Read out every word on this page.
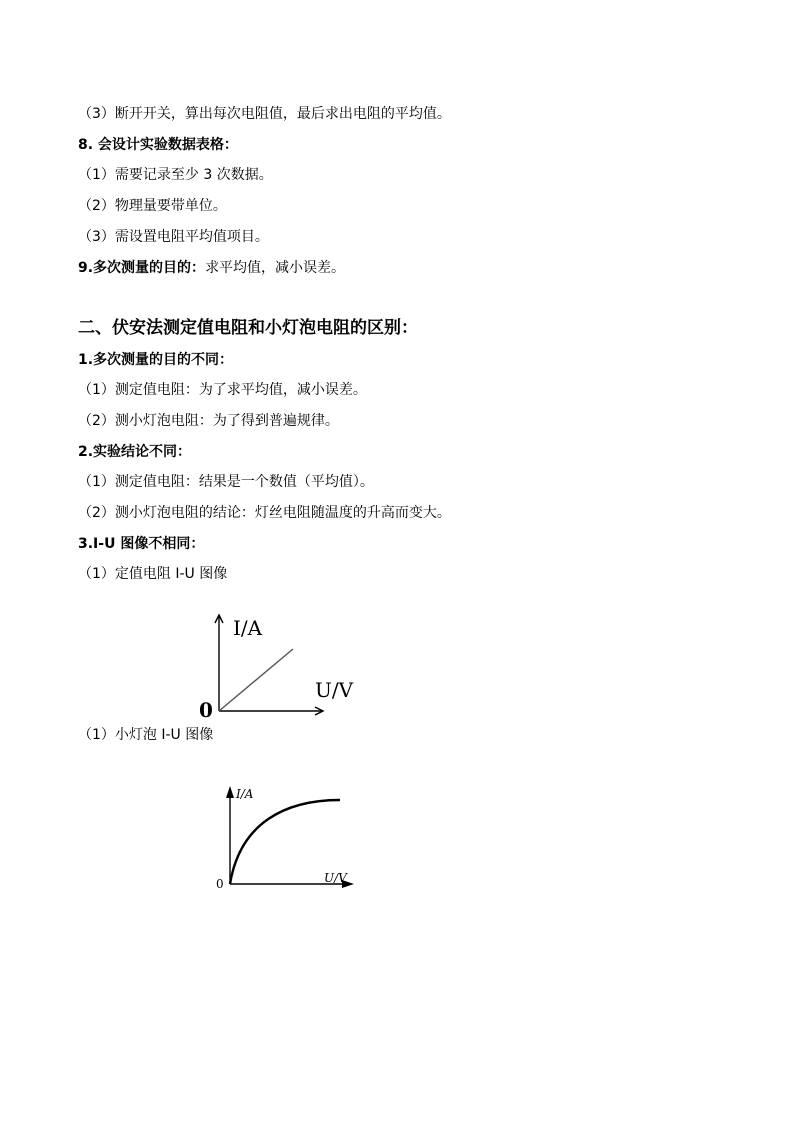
（3）断开开关，算出每次电阻值，最后求出电阻的平均值。
8. 会设计实验数据表格：
（1）需要记录至少 3 次数据。
（2）物理量要带单位。
（3）需设置电阻平均值项目。
9.多次测量的目的：求平均值，减小误差。
二、伏安法测定值电阻和小灯泡电阻的区别：
1.多次测量的目的不同：
（1）测定值电阻：为了求平均值，减小误差。
（2）测小灯泡电阻：为了得到普遍规律。
2.实验结论不同：
（1）测定值电阻：结果是一个数值（平均值）。
（2）测小灯泡电阻的结论：灯丝电阻随温度的升高而变大。
3.I-U 图像不相同：
（1）定值电阻 I-U 图像
I/A
U/V
0
（1）小灯泡 I-U 图像
I/A
U/V
0
